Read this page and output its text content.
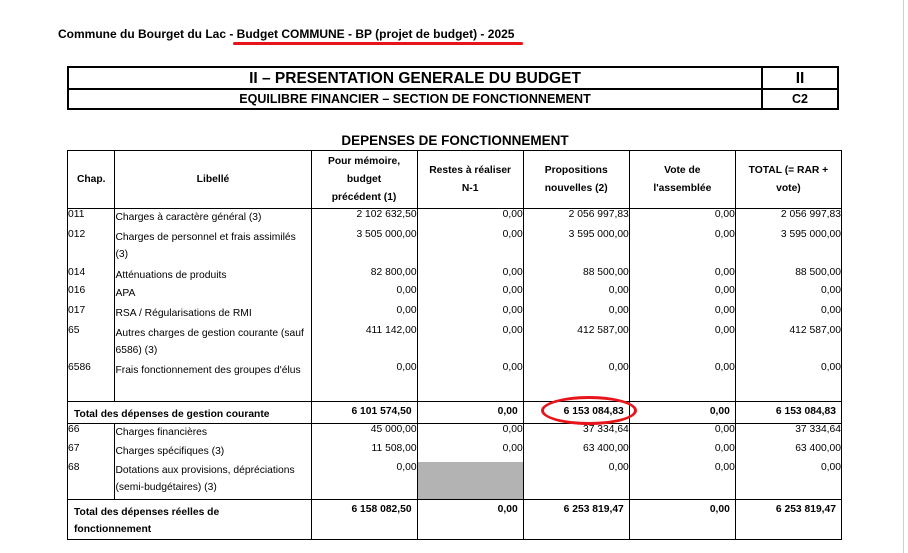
Commune du Bourget du Lac - Budget COMMUNE - BP (projet de budget) - 2025
II – PRESENTATION GENERALE DU BUDGET	II
EQUILIBRE FINANCIER – SECTION DE FONCTIONNEMENT	C2
DEPENSES DE FONCTIONNEMENT
Chap.	Libellé	Pour mémoire, budget précédent (1)	Restes à réaliser N-1	Propositions nouvelles (2)	Vote de l'assemblée	TOTAL (= RAR + vote)

011	Charges à caractère général (3)	2 102 632,50	0,00	2 056 997,83	0,00	2 056 997,83
012	Charges de personnel et frais assimilés (3)	3 505 000,00	0,00	3 595 000,00	0,00	3 595 000,00
014	Atténuations de produits	82 800,00	0,00	88 500,00	0,00	88 500,00
016	APA	0,00	0,00	0,00	0,00	0,00
017	RSA / Régularisations de RMI	0,00	0,00	0,00	0,00	0,00
65	Autres charges de gestion courante (sauf 6586) (3)	411 142,00	0,00	412 587,00	0,00	412 587,00
6586	Frais fonctionnement des groupes d'élus	0,00	0,00	0,00	0,00	0,00
Total des dépenses de gestion courante		6 101 574,50	0,00	6 153 084,83	0,00	6 153 084,83
66	Charges financières	45 000,00	0,00	37 334,64	0,00	37 334,64
67	Charges spécifiques (3)	11 508,00	0,00	63 400,00	0,00	63 400,00
68	Dotations aux provisions, dépréciations (semi-budgétaires) (3)	0,00		0,00	0,00	0,00

Total des dépenses réelles de fonctionnement		6 158 082,50	0,00	6 253 819,47	0,00	6 253 819,47
